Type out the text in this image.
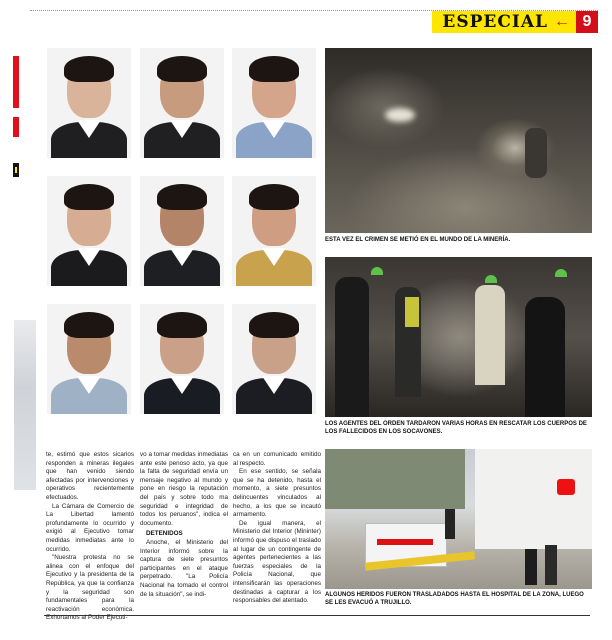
ESPECIAL ← 9
ESTA VEZ EL CRIMEN SE METIÓ EN EL MUNDO DE LA MINERÍA.
LOS AGENTES DEL ORDEN TARDARON VARIAS HORAS EN RESCATAR LOS CUERPOS DE LOS FALLECIDOS EN LOS SOCAVONES.
ALGUNOS HERIDOS FUERON TRASLADADOS HASTA EL HOSPITAL DE LA ZONA, LUEGO SE LES EVACUÓ A TRUJILLO.

te, estimó que estos sicarios responden a mineras ilegales que han venido siendo afectadas por intervenciones y operativos recientemente efectuados.

La Cámara de Comercio de La Libertad lamentó profundamente lo ocurrido y exigió al Ejecutivo tomar medidas inmediatas ante lo ocurrido.

"Nuestra protesta no se alinea con el enfoque del Ejecutivo y la presidenta de la República, ya que la confianza y la seguridad son fundamentales para la reactivación económica. Exhortamos al Poder Ejecuti-

vo a tomar medidas inmediatas ante este penoso acto, ya que la falta de seguridad envía un mensaje negativo al mundo y pone en riesgo la reputación del país y sobre todo ma seguridad e integridad de todos los peruanos", indica el documento.

DETENIDOS

Anoche, el Ministerio del Interior informó sobre la captura de siete presuntos participantes en el ataque perpetrado. "La Policía Nacional ha tomado el control de la situación", se indi-

ca en un comunicado emitido al respecto.

En ese sentido, se señala que se ha detenido, hasta el momento, a siete presuntos delincuentes vinculados al hecho, a los que se incautó armamento.

De igual manera, el Ministerio del Interior (Mininter) informó que dispuso el traslado al lugar de un contingente de agentes pertenecientes a las fuerzas especiales de la Policía Nacional, que intensificarán las operaciones destinadas a capturar a los responsables del atentado.
